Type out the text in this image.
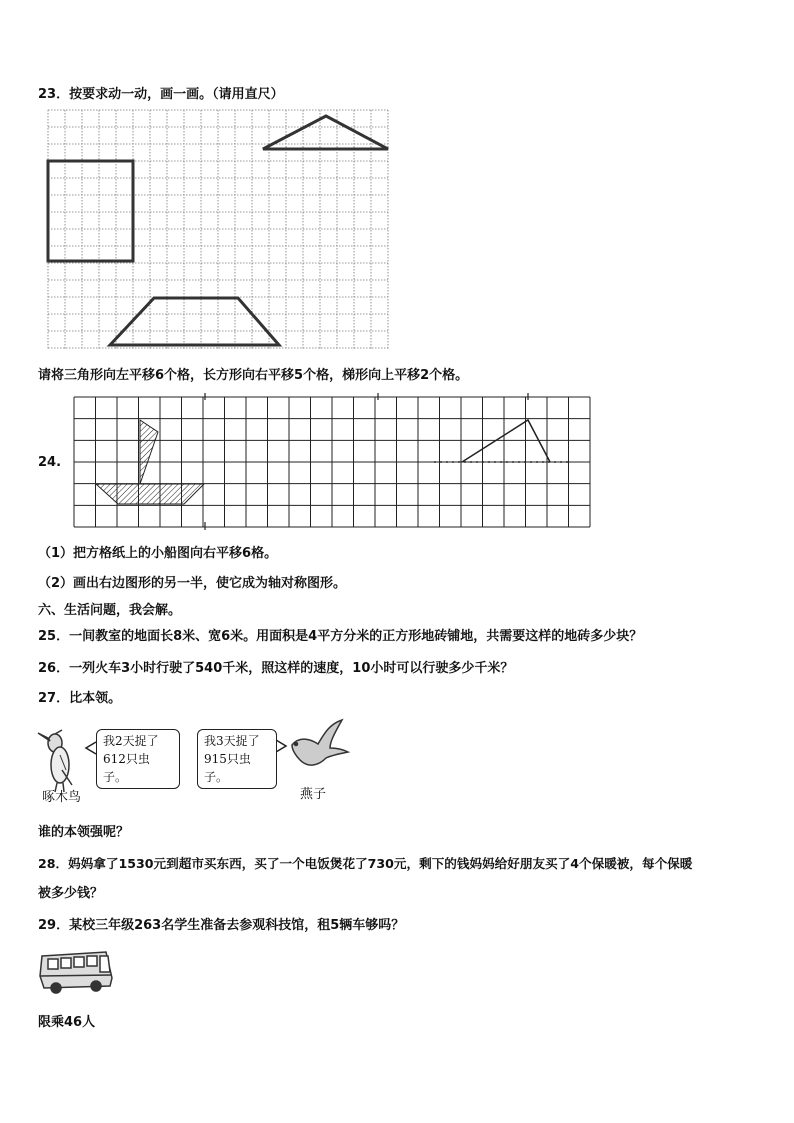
23．按要求动一动，画一画。（请用直尺）
请将三角形向左平移6个格，长方形向右平移5个格，梯形向上平移2个格。
24.
（1）把方格纸上的小船图向右平移6格。
（2）画出右边图形的另一半，使它成为轴对称图形。
六、生活问题，我会解。
25．一间教室的地面长8米、宽6米。用面积是4平方分米的正方形地砖铺地，共需要这样的地砖多少块？
26．一列火车3小时行驶了540千米，照这样的速度，10小时可以行驶多少千米？
27．比本领。
我2天捉了
612只虫子。
我3天捉了
915只虫子。
啄木鸟	燕子
谁的本领强呢？
28．妈妈拿了1530元到超市买东西，买了一个电饭煲花了730元，剩下的钱妈妈给好朋友买了4个保暖被，每个保暖
被多少钱？
29．某校三年级263名学生准备去参观科技馆，租5辆车够吗？
限乘46人
